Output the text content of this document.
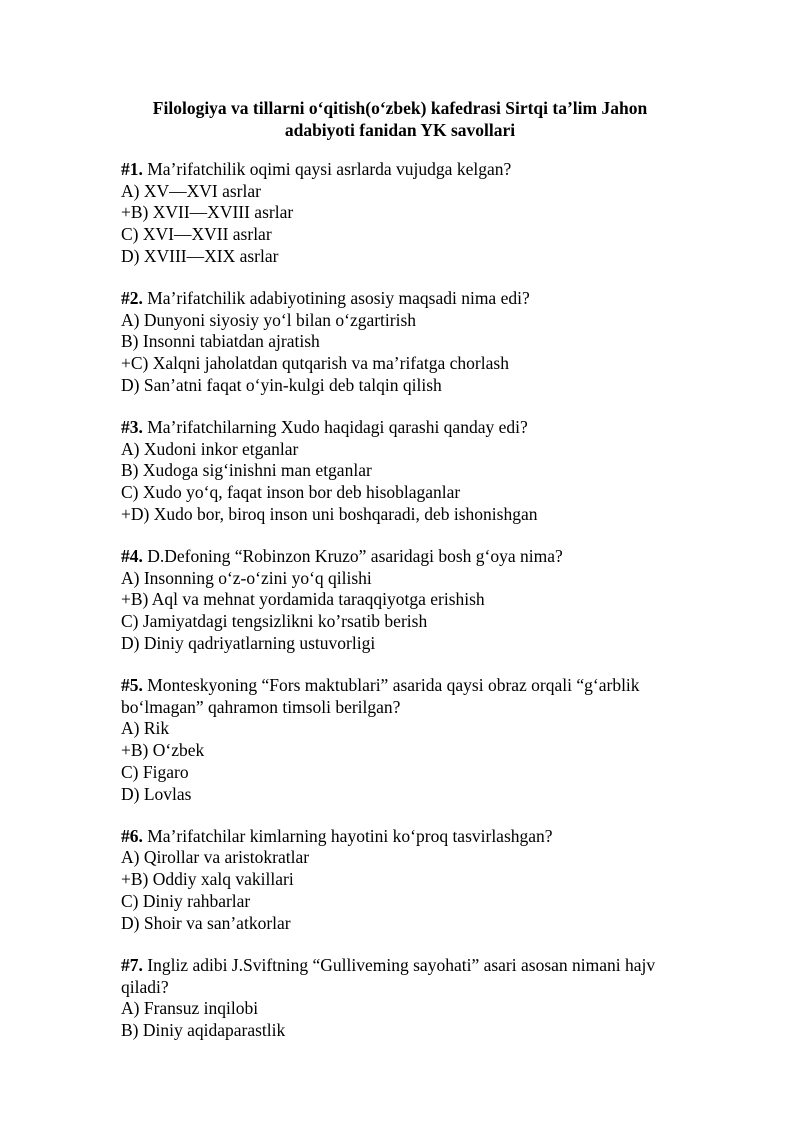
Filologiya va tillarni o‘qitish(o‘zbek) kafedrasi Sirtqi ta’lim Jahon
adabiyoti fanidan YK savollari
#1. Ma’rifatchilik oqimi qaysi asrlarda vujudga kelgan?
A) XV—XVI asrlar
+B) XVII—XVIII asrlar
C) XVI—XVII asrlar
D) XVIII—XIX asrlar
#2. Ma’rifatchilik adabiyotining asosiy maqsadi nima edi?
A) Dunyoni siyosiy yo‘l bilan o‘zgartirish
B) Insonni tabiatdan ajratish
+C) Xalqni jaholatdan qutqarish va ma’rifatga chorlash
D) San’atni faqat o‘yin-kulgi deb talqin qilish
#3. Ma’rifatchilarning Xudo haqidagi qarashi qanday edi?
A) Xudoni inkor etganlar
B) Xudoga sig‘inishni man etganlar
C) Xudo yo‘q, faqat inson bor deb hisoblaganlar
+D) Xudo bor, biroq inson uni boshqaradi, deb ishonishgan
#4. D.Defoning “Robinzon Kruzo” asaridagi bosh g‘oya nima?
A) Insonning o‘z-o‘zini yo‘q qilishi
+B) Aql va mehnat yordamida taraqqiyotga erishish
C) Jamiyatdagi tengsizlikni ko’rsatib berish
D) Diniy qadriyatlarning ustuvorligi
#5. Monteskyoning “Fors maktublari” asarida qaysi obraz orqali “g‘arblik bo‘lmagan” qahramon timsoli berilgan?
A) Rik
+B) O‘zbek
C) Figaro
D) Lovlas
#6. Ma’rifatchilar kimlarning hayotini ko‘proq tasvirlashgan?
A) Qirollar va aristokratlar
+B) Oddiy xalq vakillari
C) Diniy rahbarlar
D) Shoir va san’atkorlar
#7. Ingliz adibi J.Sviftning “Gulliveming sayohati” asari asosan nimani hajv qiladi?
A) Fransuz inqilobi
B) Diniy aqidaparastlik
